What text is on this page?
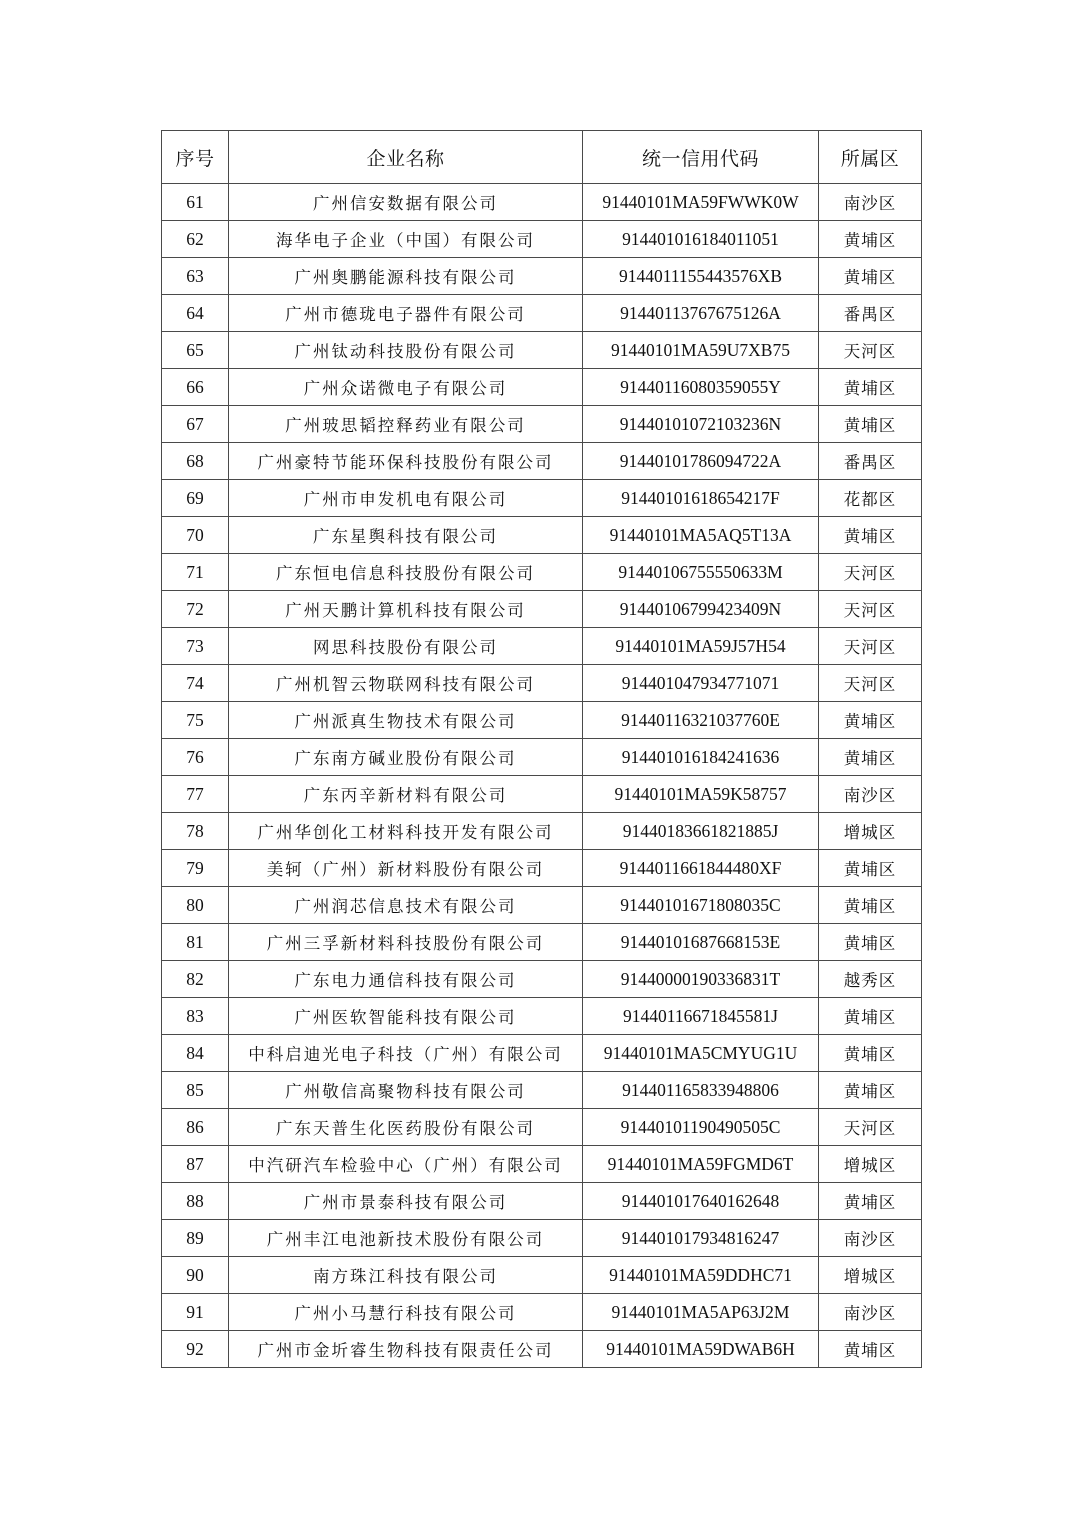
序号	企业名称	统一信用代码	所属区
61	广州信安数据有限公司	91440101MA59FWWK0W	南沙区
62	海华电子企业（中国）有限公司	914401016184011051	黄埔区
63	广州奥鹏能源科技有限公司	9144011155443576XB	黄埔区
64	广州市德珑电子器件有限公司	91440113767675126A	番禺区
65	广州钛动科技股份有限公司	91440101MA59U7XB75	天河区
66	广州众诺微电子有限公司	91440116080359055Y	黄埔区
67	广州玻思韬控释药业有限公司	91440101072103236N	黄埔区
68	广州豪特节能环保科技股份有限公司	91440101786094722A	番禺区
69	广州市申发机电有限公司	91440101618654217F	花都区
70	广东星舆科技有限公司	91440101MA5AQ5T13A	黄埔区
71	广东恒电信息科技股份有限公司	91440106755550633M	天河区
72	广州天鹏计算机科技有限公司	91440106799423409N	天河区
73	网思科技股份有限公司	91440101MA59J57H54	天河区
74	广州机智云物联网科技有限公司	914401047934771071	天河区
75	广州派真生物技术有限公司	91440116321037760E	黄埔区
76	广东南方碱业股份有限公司	914401016184241636	黄埔区
77	广东丙辛新材料有限公司	91440101MA59K58757	南沙区
78	广州华创化工材料科技开发有限公司	91440183661821885J	增城区
79	美轲（广州）新材料股份有限公司	9144011661844480XF	黄埔区
80	广州润芯信息技术有限公司	91440101671808035C	黄埔区
81	广州三孚新材料科技股份有限公司	91440101687668153E	黄埔区
82	广东电力通信科技有限公司	91440000190336831T	越秀区
83	广州医软智能科技有限公司	91440116671845581J	黄埔区
84	中科启迪光电子科技（广州）有限公司	91440101MA5CMYUG1U	黄埔区
85	广州敬信高聚物科技有限公司	914401165833948806	黄埔区
86	广东天普生化医药股份有限公司	91440101190490505C	天河区
87	中汽研汽车检验中心（广州）有限公司	91440101MA59FGMD6T	增城区
88	广州市景泰科技有限公司	914401017640162648	黄埔区
89	广州丰江电池新技术股份有限公司	914401017934816247	南沙区
90	南方珠江科技有限公司	91440101MA59DDHC71	增城区
91	广州小马慧行科技有限公司	91440101MA5AP63J2M	南沙区
92	广州市金圻睿生物科技有限责任公司	91440101MA59DWAB6H	黄埔区
